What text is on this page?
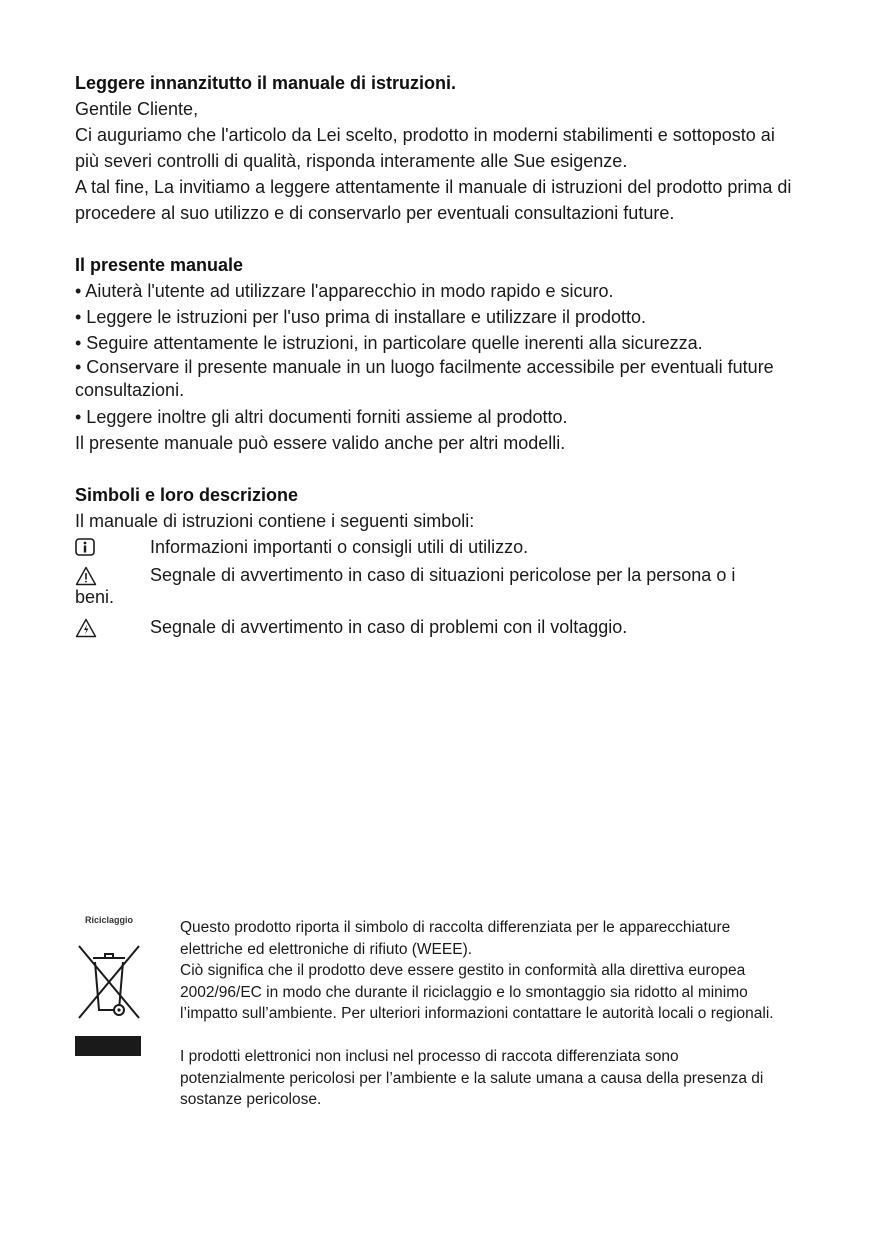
Leggere innanzitutto il manuale di istruzioni.

Gentile Cliente,

Ci auguriamo che l'articolo da Lei scelto, prodotto in moderni stabilimenti e sottoposto ai più severi controlli di qualità, risponda interamente alle Sue esigenze.

A tal fine, La invitiamo a leggere attentamente il manuale di istruzioni del prodotto prima di procedere al suo utilizzo e di conservarlo per eventuali consultazioni future.

Il presente manuale

• Aiuterà l'utente ad utilizzare l'apparecchio in modo rapido e sicuro.

• Leggere le istruzioni per l'uso prima di installare e utilizzare il prodotto.

• Seguire attentamente le istruzioni, in particolare quelle inerenti alla sicurezza.

• Conservare il presente manuale in un luogo facilmente accessibile per eventuali future consultazioni.

• Leggere inoltre gli altri documenti forniti assieme al prodotto.

Il presente manuale può essere valido anche per altri modelli.

Simboli e loro descrizione

Il manuale di istruzioni contiene i seguenti simboli:

Informazioni importanti o consigli utili di utilizzo.
Segnale di avvertimento in caso di situazioni pericolose per la persona o i
beni.
Segnale di avvertimento in caso di problemi con il voltaggio.
Riciclaggio	Questo prodotto riporta il simbolo di raccolta differenziata per le apparecchiature elettriche ed elettroniche di rifiuto (WEEE).

Ciò significa che il prodotto deve essere gestito in conformità alla direttiva europea 2002/96/EC in modo che durante il riciclaggio e lo smontaggio sia ridotto al minimo l’impatto sull’ambiente. Per ulteriori informazioni contattare le autorità locali o regionali.

I prodotti elettronici non inclusi nel processo di raccota differenziata sono potenzialmente pericolosi per l’ambiente e la salute umana a causa della presenza di sostanze pericolose.
